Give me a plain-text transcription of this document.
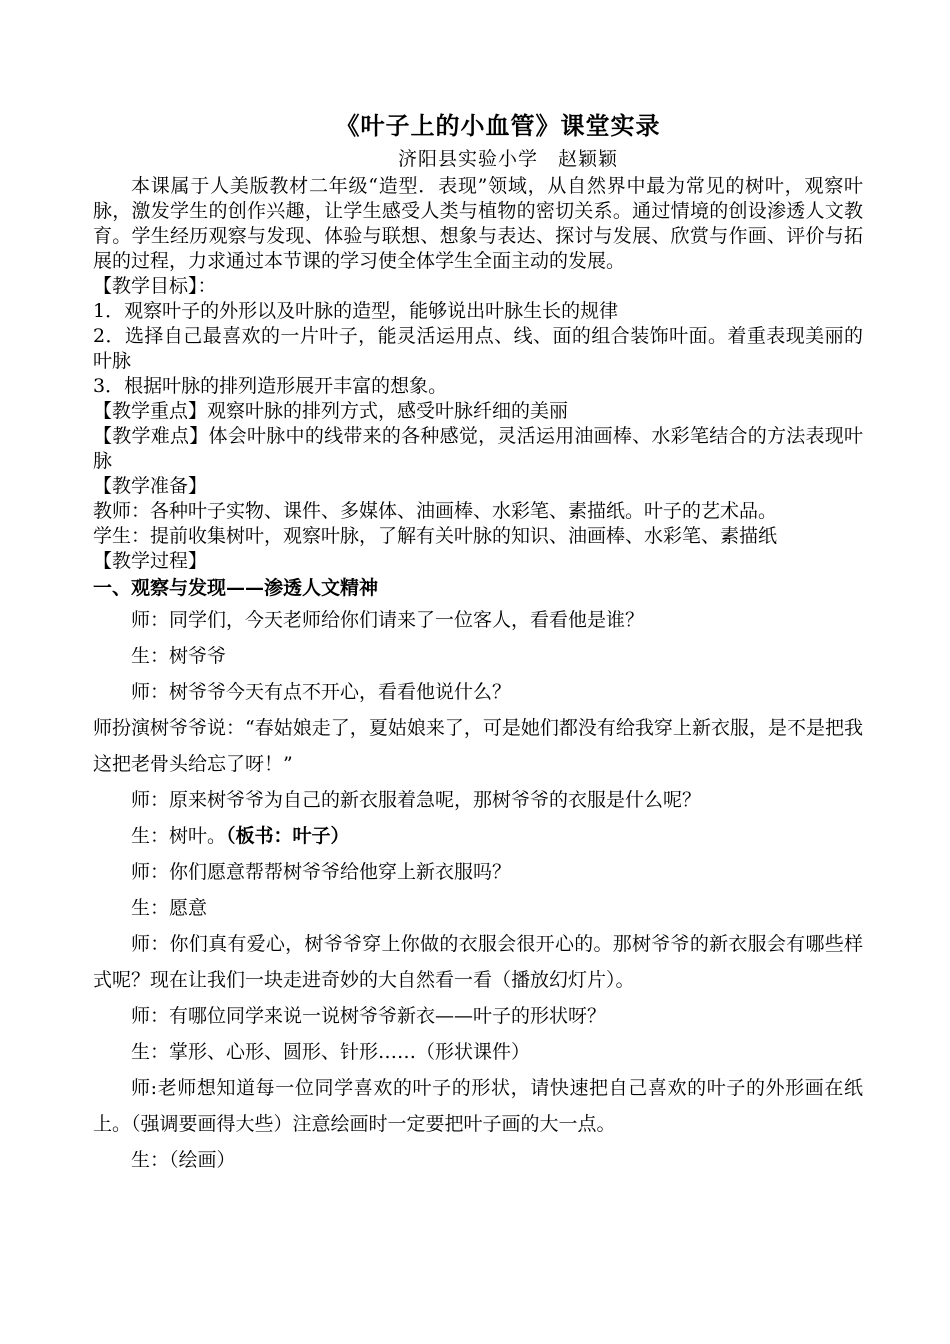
《叶子上的小血管》课堂实录

济阳县实验小学　赵颖颖

本课属于人美版教材二年级“造型．表现”领域，从自然界中最为常见的树叶，观察叶脉，激发学生的创作兴趣，让学生感受人类与植物的密切关系。通过情境的创设渗透人文教育。学生经历观察与发现、体验与联想、想象与表达、探讨与发展、欣赏与作画、评价与拓展的过程，力求通过本节课的学习使全体学生全面主动的发展。

【教学目标】：

1．观察叶子的外形以及叶脉的造型，能够说出叶脉生长的规律

2．选择自己最喜欢的一片叶子，能灵活运用点、线、面的组合装饰叶面。着重表现美丽的叶脉

3．根据叶脉的排列造形展开丰富的想象。

【教学重点】观察叶脉的排列方式，感受叶脉纤细的美丽

【教学难点】体会叶脉中的线带来的各种感觉，灵活运用油画棒、水彩笔结合的方法表现叶脉

【教学准备】

教师：各种叶子实物、课件、多媒体、油画棒、水彩笔、素描纸。叶子的艺术品。

学生：提前收集树叶，观察叶脉，了解有关叶脉的知识、油画棒、水彩笔、素描纸

【教学过程】

一、观察与发现——渗透人文精神

师：同学们，今天老师给你们请来了一位客人，看看他是谁？

生：树爷爷

师：树爷爷今天有点不开心，看看他说什么？

师扮演树爷爷说：“春姑娘走了，夏姑娘来了，可是她们都没有给我穿上新衣服，是不是把我这把老骨头给忘了呀！”

师：原来树爷爷为自己的新衣服着急呢，那树爷爷的衣服是什么呢？

生：树叶。（板书：叶子）

师：你们愿意帮帮树爷爷给他穿上新衣服吗？

生：愿意

师：你们真有爱心，树爷爷穿上你做的衣服会很开心的。那树爷爷的新衣服会有哪些样式呢？现在让我们一块走进奇妙的大自然看一看（播放幻灯片）。

师：有哪位同学来说一说树爷爷新衣——叶子的形状呀？

生：掌形、心形、圆形、针形……（形状课件）

师:老师想知道每一位同学喜欢的叶子的形状，请快速把自己喜欢的叶子的外形画在纸上。（强调要画得大些）注意绘画时一定要把叶子画的大一点。

生：（绘画）
